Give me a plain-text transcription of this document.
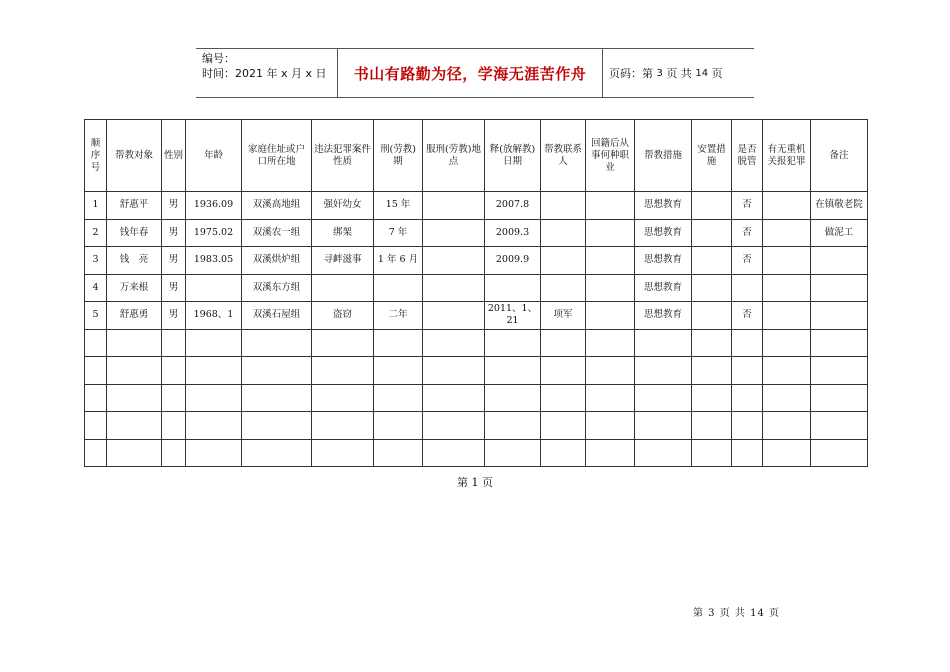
编号：
时间：2021 年 x 月 x 日	书山有路勤为径，学海无涯苦作舟	页码：第
3
页 共
14
页
顺序号	帮教对象	性别	年龄	家庭住址或户口所在地	违法犯罪案件性质	刑(劳教)期	服刑(劳教)地点	释(放解教)日期	帮教联系人	回籍后从事何种职业	帮教措施	安置措施	是否脱管	有无重机关报犯罪	备注
1	舒惠平	男	1936.09	双溪高地组	强奸幼女	15 年		2007.8			思想教育		否		在镇敬老院
2	钱年春	男	1975.02	双溪农一组	绑架	7 年		2009.3			思想教育		否		做泥工
3	钱　亮	男	1983.05	双溪烘炉组	寻衅滋事	1 年 6 月		2009.9			思想教育		否		
4	万来根	男		双溪东方组							思想教育				
5	舒惠勇	男	1968、1	双溪石屋组	盗窃	二年		2011、1、21	项军		思想教育		否		

第 1 页
第 3 页 共 14 页
